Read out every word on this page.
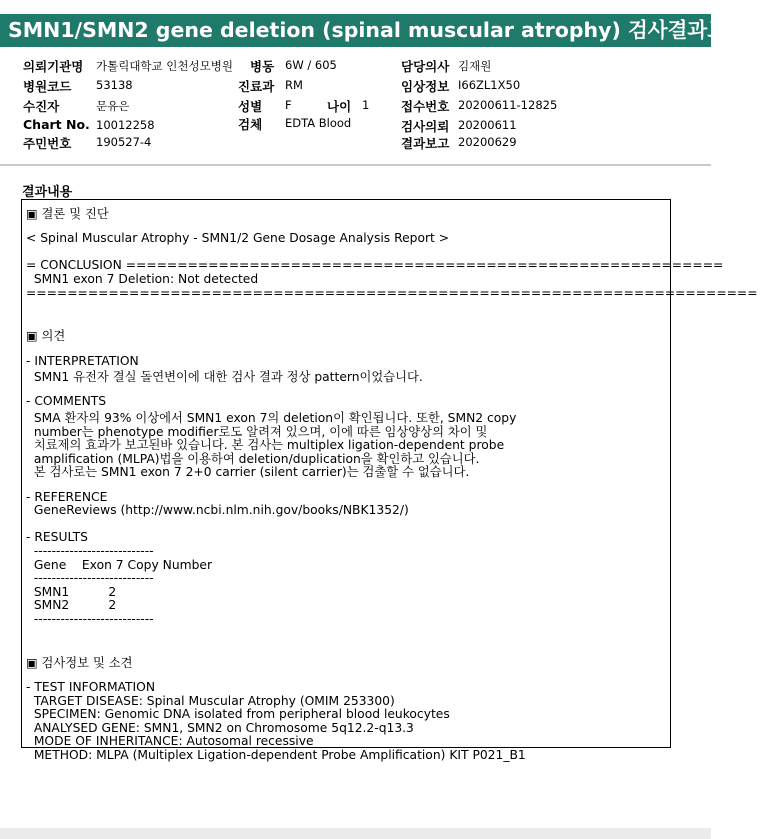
SMN1/SMN2 gene deletion (spinal muscular atrophy) 검사결과보고서
의뢰기관명 가톨릭대학교 인천성모병원
병원코드 53138
수진자	문유은
Chart No. 10012258
주민번호 190527-4
병동 6W / 605
진료과 RM
성별 F	나이 1
검체 EDTA Blood
담당의사 김재원
임상정보 I66ZL1X50
접수번호 20200611-12825
검사의뢰 20200611
결과보고 20200629
결과내용
▣ 결론 및 진단
< Spinal Muscular Atrophy - SMN1/2 Gene Dosage Analysis Report >
= CONCLUSION ==========================================================
SMN1 exon 7 Deletion: Not detected
=======================================================================
▣ 의견
- INTERPRETATION
SMN1 유전자 결실 돌연변이에 대한 검사 결과 정상 pattern이었습니다.
- COMMENTS
SMA 환자의 93% 이상에서 SMN1 exon 7의 deletion이 확인됩니다. 또한, SMN2 copy
number는 phenotype modifier로도 알려져 있으며, 이에 따른 임상양상의 차이 및
치료제의 효과가 보고된바 있습니다. 본 검사는 multiplex ligation-dependent probe
amplification (MLPA)법을 이용하여 deletion/duplication을 확인하고 있습니다.
본 검사로는 SMN1 exon 7 2+0 carrier (silent carrier)는 검출할 수 없습니다.
- REFERENCE
GeneReviews (http://www.ncbi.nlm.nih.gov/books/NBK1352/)
- RESULTS
---------------------------
Gene    Exon 7 Copy Number
---------------------------
SMN1          2
SMN2          2
---------------------------
▣ 검사정보 및 소견
- TEST INFORMATION
TARGET DISEASE: Spinal Muscular Atrophy (OMIM 253300)
SPECIMEN: Genomic DNA isolated from peripheral blood leukocytes
ANALYSED GENE: SMN1, SMN2 on Chromosome 5q12.2-q13.3
MODE OF INHERITANCE: Autosomal recessive
METHOD: MLPA (Multiplex Ligation-dependent Probe Amplification) KIT P021_B1
